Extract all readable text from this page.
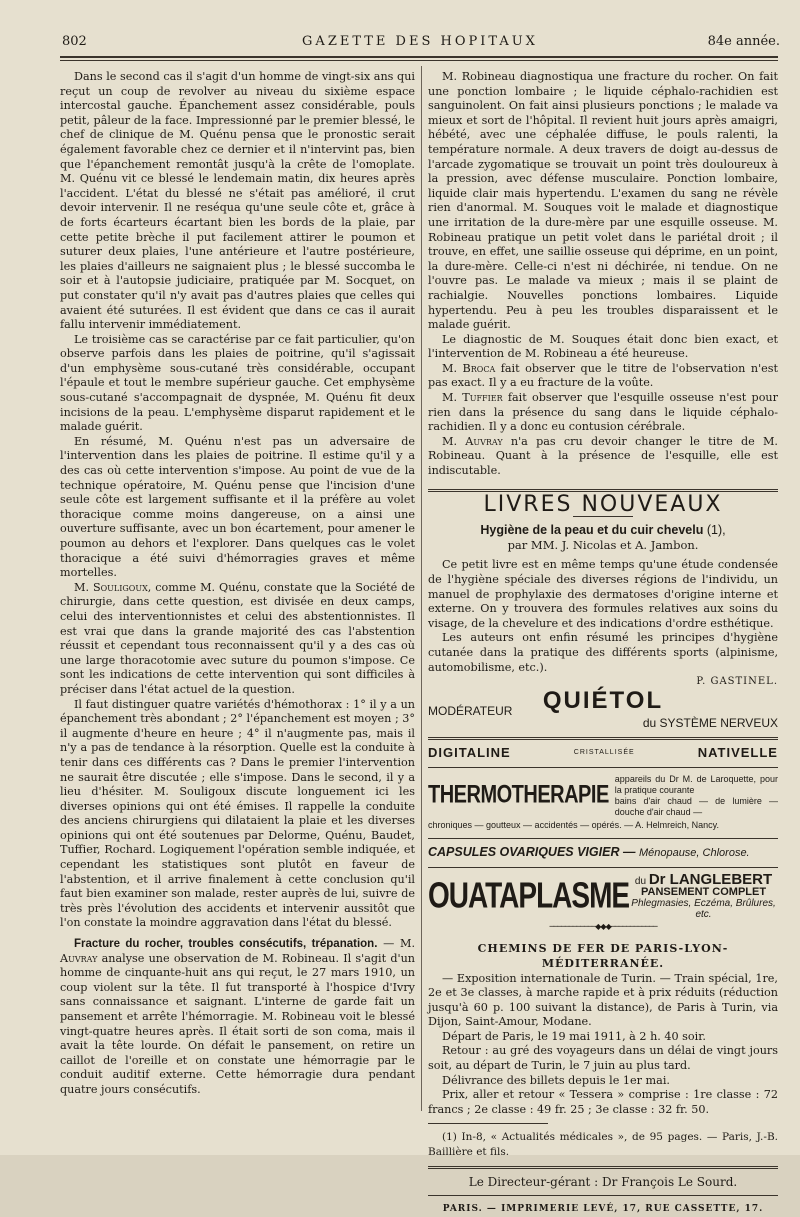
802	GAZETTE DES HOPITAUX	84e année.

Dans le second cas il s'agit d'un homme de vingt-six ans qui reçut un coup de revolver au niveau du sixième espace intercostal gauche. Épanchement assez considérable, pouls petit, pâleur de la face. Impressionné par le premier blessé, le chef de clinique de M. Quénu pensa que le pronostic serait également favorable chez ce dernier et il n'intervint pas, bien que l'épanchement remontât jusqu'à la crête de l'omoplate. M. Quénu vit ce blessé le lendemain matin, dix heures après l'accident. L'état du blessé ne s'était pas amélioré, il crut devoir intervenir. Il ne reséqua qu'une seule côte et, grâce à de forts écarteurs écartant bien les bords de la plaie, par cette petite brèche il put facilement attirer le poumon et suturer deux plaies, l'une antérieure et l'autre postérieure, les plaies d'ailleurs ne saignaient plus ; le blessé succomba le soir et à l'autopsie judiciaire, pratiquée par M. Socquet, on put constater qu'il n'y avait pas d'autres plaies que celles qui avaient été suturées. Il est évident que dans ce cas il aurait fallu intervenir immédiatement.

Le troisième cas se caractérise par ce fait particulier, qu'on observe parfois dans les plaies de poitrine, qu'il s'agissait d'un emphysème sous-cutané très considérable, occupant l'épaule et tout le membre supérieur gauche. Cet emphysème sous-cutané s'accompagnait de dyspnée, M. Quénu fit deux incisions de la peau. L'emphysème disparut rapidement et le malade guérit.

En résumé, M. Quénu n'est pas un adversaire de l'intervention dans les plaies de poitrine. Il estime qu'il y a des cas où cette intervention s'impose. Au point de vue de la technique opératoire, M. Quénu pense que l'incision d'une seule côte est largement suffisante et il la préfère au volet thoracique comme moins dangereuse, on a ainsi une ouverture suffisante, avec un bon écartement, pour amener le poumon au dehors et l'explorer. Dans quelques cas le volet thoracique a été suivi d'hémorragies graves et même mortelles.

M. Souligoux, comme M. Quénu, constate que la Société de chirurgie, dans cette question, est divisée en deux camps, celui des interventionnistes et celui des abstentionnistes. Il est vrai que dans la grande majorité des cas l'abstention réussit et cependant tous reconnaissent qu'il y a des cas où une large thoracotomie avec suture du poumon s'impose. Ce sont les indications de cette intervention qui sont difficiles à préciser dans l'état actuel de la question.

Il faut distinguer quatre variétés d'hémothorax : 1° il y a un épanchement très abondant ; 2° l'épanchement est moyen ; 3° il augmente d'heure en heure ; 4° il n'augmente pas, mais il n'y a pas de tendance à la résorption. Quelle est la conduite à tenir dans ces différents cas ? Dans le premier l'intervention ne saurait être discutée ; elle s'impose. Dans le second, il y a lieu d'hésiter. M. Souligoux discute longuement ici les diverses opinions qui ont été émises. Il rappelle la conduite des anciens chirurgiens qui dilataient la plaie et les diverses opinions qui ont été soutenues par Delorme, Quénu, Baudet, Tuffier, Rochard. Logiquement l'opération semble indiquée, et cependant les statistiques sont plutôt en faveur de l'abstention, et il arrive finalement à cette conclusion qu'il faut bien examiner son malade, rester auprès de lui, suivre de très près l'évolution des accidents et intervenir aussitôt que l'on constate la moindre aggravation dans l'état du blessé.

Fracture du rocher, troubles consécutifs, trépanation. — M. Auvray analyse une observation de M. Robineau. Il s'agit d'un homme de cinquante-huit ans qui reçut, le 27 mars 1910, un coup violent sur la tête. Il fut transporté à l'hospice d'Ivry sans connaissance et saignant. L'interne de garde fait un pansement et arrête l'hémorragie. M. Robineau voit le blessé vingt-quatre heures après. Il était sorti de son coma, mais il avait la tête lourde. On défait le pansement, on retire un caillot de l'oreille et on constate une hémorragie par le conduit auditif externe. Cette hémorragie dura pendant quatre jours consécutifs.

M. Robineau diagnostiqua une fracture du rocher. On fait une ponction lombaire ; le liquide céphalo-rachidien est sanguinolent. On fait ainsi plusieurs ponctions ; le malade va mieux et sort de l'hôpital. Il revient huit jours après amaigri, hébété, avec une céphalée diffuse, le pouls ralenti, la température normale. A deux travers de doigt au-dessus de l'arcade zygomatique se trouvait un point très douloureux à la pression, avec défense musculaire. Ponction lombaire, liquide clair mais hypertendu. L'examen du sang ne révèle rien d'anormal. M. Souques voit le malade et diagnostique une irritation de la dure-mère par une esquille osseuse. M. Robineau pratique un petit volet dans le pariétal droit ; il trouve, en effet, une saillie osseuse qui déprime, en un point, la dure-mère. Celle-ci n'est ni déchirée, ni tendue. On ne l'ouvre pas. Le malade va mieux ; mais il se plaint de rachialgie. Nouvelles ponctions lombaires. Liquide hypertendu. Peu à peu les troubles disparaissent et le malade guérit.

Le diagnostic de M. Souques était donc bien exact, et l'intervention de M. Robineau a été heureuse.

M. Broca fait observer que le titre de l'observation n'est pas exact. Il y a eu fracture de la voûte.

M. Tuffier fait observer que l'esquille osseuse n'est pour rien dans la présence du sang dans le liquide céphalo-rachidien. Il y a donc eu contusion cérébrale.

M. Auvray n'a pas cru devoir changer le titre de M. Robineau. Quant à la présence de l'esquille, elle est indiscutable.

LIVRES NOUVEAUX
Hygiène de la peau et du cuir chevelu (1),
par MM. J. Nicolas et A. Jambon.

Ce petit livre est en même temps qu'une étude condensée de l'hygiène spéciale des diverses régions de l'individu, un manuel de prophylaxie des dermatoses d'origine interne et externe. On y trouvera des formules relatives aux soins du visage, de la chevelure et des indications d'ordre esthétique.

Les auteurs ont enfin résumé les principes d'hygiène cutanée dans la pratique des différents sports (alpinisme, automobilisme, etc.).

P. GASTINEL.
QUIÉTOL
MODÉRATEUR
du SYSTÈME NERVEUX
DIGITALINE	CRISTALLISÉE	NATIVELLE
THERMOTHERAPIE
appareils du Dr M. de Laroquette, pour la pratique courante
bains d'air chaud — de lumière — douche d'air chaud —
chroniques — goutteux — accidentés — opérés. — A. Helmreich, Nancy.
CAPSULES OVARIQUES VIGIER — Ménopause, Chlorose.
OUATAPLASME du Dr LANGLEBERT
PANSEMENT COMPLET
Phlegmasies, Eczéma, Brûlures, etc.
────────────◆◆◆────────────
CHEMINS DE FER DE PARIS-LYON-MÉDITERRANÉE.

— Exposition internationale de Turin. — Train spécial, 1re, 2e et 3e classes, à marche rapide et à prix réduits (réduction jusqu'à 60 p. 100 suivant la distance), de Paris à Turin, via Dijon, Saint-Amour, Modane.

Départ de Paris, le 19 mai 1911, à 2 h. 40 soir.

Retour : au gré des voyageurs dans un délai de vingt jours soit, au départ de Turin, le 7 juin au plus tard.

Délivrance des billets depuis le 1er mai.

Prix, aller et retour « Tessera » comprise : 1re classe : 72 francs ; 2e classe : 49 fr. 25 ; 3e classe : 32 fr. 50.

(1) In-8, « Actualités médicales », de 95 pages. — Paris, J.-B. Baillière et fils.

Le Directeur-gérant : Dr François Le Sourd.
PARIS. — IMPRIMERIE LEVÉ, 17, RUE CASSETTE, 17.
